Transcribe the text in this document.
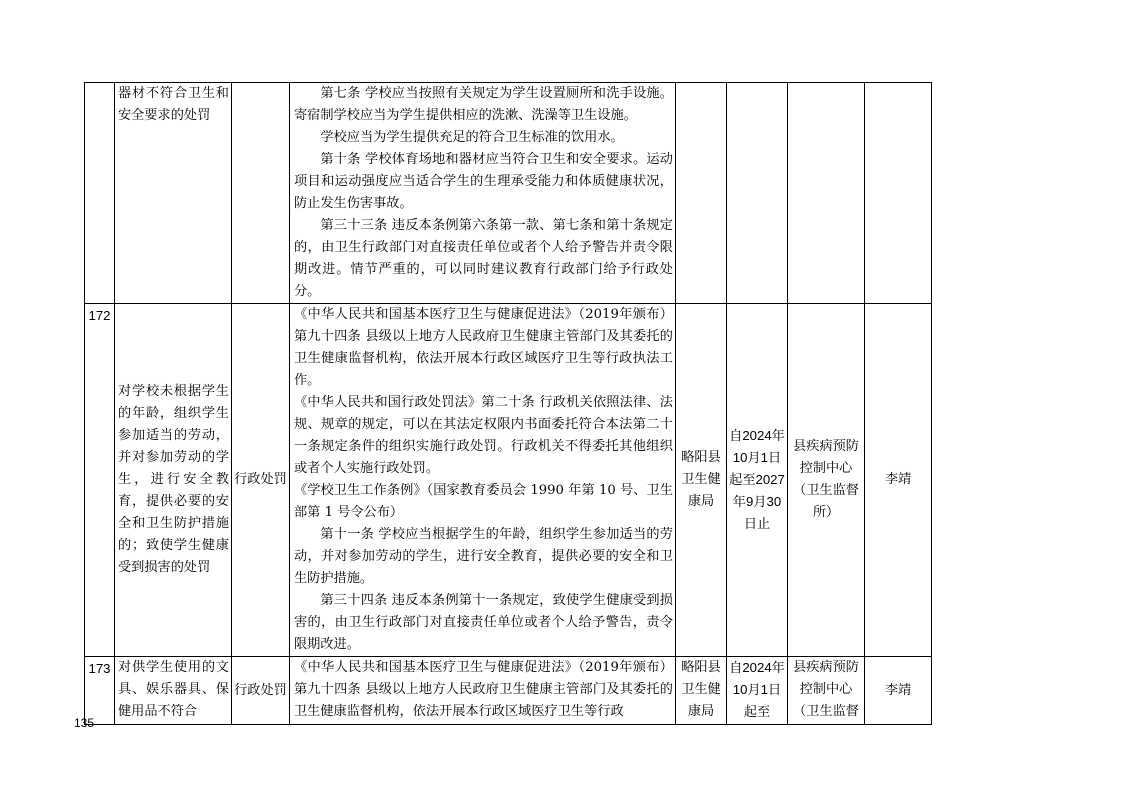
	器材不符合卫生和安全要求的处罚		第七条 学校应当按照有关规定为学生设置厕所和洗手设施。寄宿制学校应当为学生提供相应的洗漱、洗澡等卫生设施。

学校应当为学生提供充足的符合卫生标准的饮用水。

第十条 学校体育场地和器材应当符合卫生和安全要求。运动项目和运动强度应当适合学生的生理承受能力和体质健康状况，防止发生伤害事故。

第三十三条 违反本条例第六条第一款、第七条和第十条规定的，由卫生行政部门对直接责任单位或者个人给予警告并责令限期改进。情节严重的，可以同时建议教育行政部门给予行政处分。				

172	对学校未根据学生的年龄，组织学生参加适当的劳动，并对参加劳动的学生，进行安全教育，提供必要的安全和卫生防护措施的；致使学生健康受到损害的处罚	行政处罚	《中华人民共和国基本医疗卫生与健康促进法》（2019年颁布）第九十四条 县级以上地方人民政府卫生健康主管部门及其委托的卫生健康监督机构，依法开展本行政区域医疗卫生等行政执法工作。

《中华人民共和国行政处罚法》第二十条 行政机关依照法律、法规、规章的规定，可以在其法定权限内书面委托符合本法第二十一条规定条件的组织实施行政处罚。行政机关不得委托其他组织或者个人实施行政处罚。

《学校卫生工作条例》（国家教育委员会 1990 年第 10 号、卫生部第 1 号令公布）

第十一条 学校应当根据学生的年龄，组织学生参加适当的劳动，并对参加劳动的学生，进行安全教育，提供必要的安全和卫生防护措施。

第三十四条 违反本条例第十一条规定，致使学生健康受到损害的，由卫生行政部门对直接责任单位或者个人给予警告，责令限期改进。	略阳县卫生健康局	自2024年10月1日起至2027年9月30日止	县疾病预防控制中心（卫生监督所）	李靖
173	对供学生使用的文具、娱乐器具、保健用品不符合	行政处罚	《中华人民共和国基本医疗卫生与健康促进法》（2019年颁布）第九十四条 县级以上地方人民政府卫生健康主管部门及其委托的卫生健康监督机构，依法开展本行政区域医疗卫生等行政	略阳县卫生健康局	自2024年10月1日起至	县疾病预防控制中心（卫生监督	李靖
135
